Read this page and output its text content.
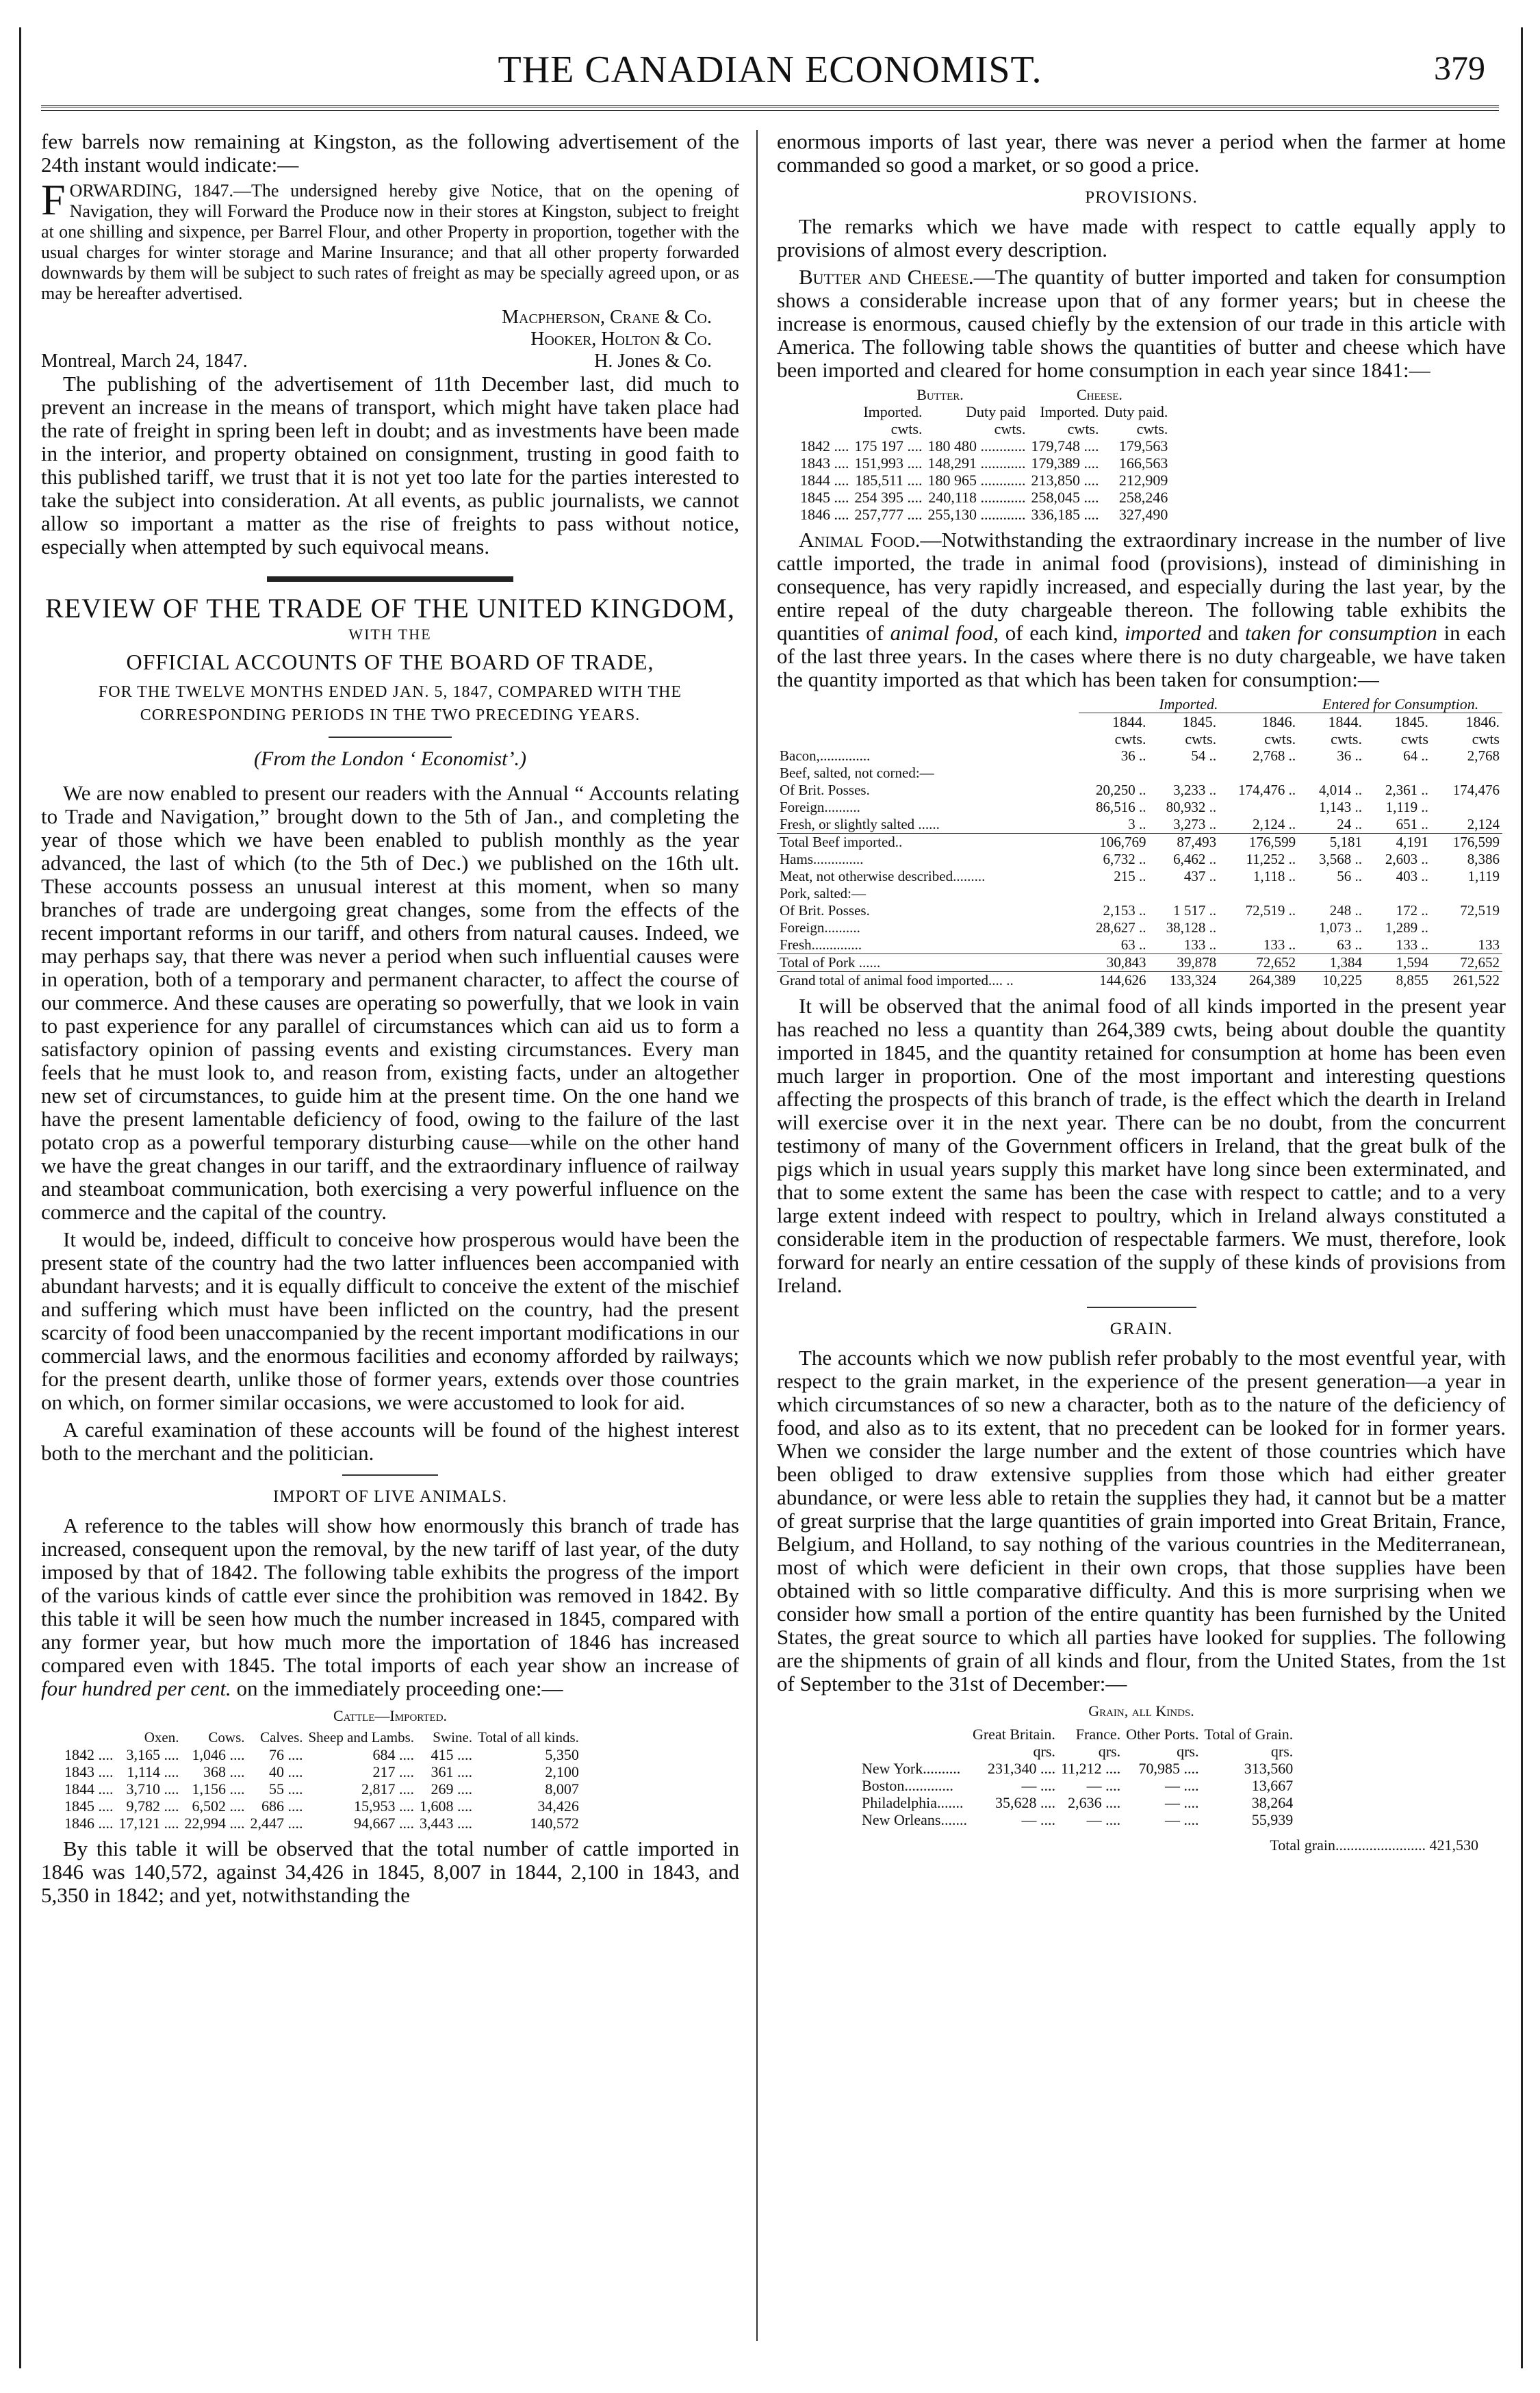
THE CANADIAN ECONOMIST.	379

few barrels now remaining at Kingston, as the following advertisement of the 24th instant would indicate:—

FORWARDING, 1847.—The undersigned hereby give Notice, that on the opening of Navigation, they will Forward the Produce now in their stores at Kingston, subject to freight at one shilling and sixpence, per Barrel Flour, and other Property in proportion, together with the usual charges for winter storage and Marine Insurance; and that all other property forwarded downwards by them will be subject to such rates of freight as may be specially agreed upon, or as may be hereafter advertised.
Macpherson, Crane & Co.
Hooker, Holton & Co.
Montreal, March 24, 1847.	H. Jones & Co.

The publishing of the advertisement of 11th December last, did much to prevent an increase in the means of transport, which might have taken place had the rate of freight in spring been left in doubt; and as investments have been made in the interior, and property obtained on consignment, trusting in good faith to this published tariff, we trust that it is not yet too late for the parties interested to take the subject into consideration. At all events, as public journalists, we cannot allow so important a matter as the rise of freights to pass without notice, especially when attempted by such equivocal means.

REVIEW OF THE TRADE OF THE UNITED KINGDOM,
WITH THE
OFFICIAL ACCOUNTS OF THE BOARD OF TRADE,
FOR THE TWELVE MONTHS ENDED JAN. 5, 1847, COMPARED WITH THE CORRESPONDING PERIODS IN THE TWO PRECEDING YEARS.
(From the London ‘ Economist’.)

We are now enabled to present our readers with the Annual “ Accounts relating to Trade and Navigation,” brought down to the 5th of Jan., and completing the year of those which we have been enabled to publish monthly as the year advanced, the last of which (to the 5th of Dec.) we published on the 16th ult. These accounts possess an unusual interest at this moment, when so many branches of trade are undergoing great changes, some from the effects of the recent important reforms in our tariff, and others from natural causes. Indeed, we may perhaps say, that there was never a period when such influential causes were in operation, both of a temporary and permanent character, to affect the course of our commerce. And these causes are operating so powerfully, that we look in vain to past experience for any parallel of circumstances which can aid us to form a satisfactory opinion of passing events and existing circumstances. Every man feels that he must look to, and reason from, existing facts, under an altogether new set of circumstances, to guide him at the present time. On the one hand we have the present lamentable deficiency of food, owing to the failure of the last potato crop as a powerful temporary disturbing cause—while on the other hand we have the great changes in our tariff, and the extraordinary influence of railway and steamboat communication, both exercising a very powerful influence on the commerce and the capital of the country.

It would be, indeed, difficult to conceive how prosperous would have been the present state of the country had the two latter influences been accompanied with abundant harvests; and it is equally difficult to conceive the extent of the mischief and suffering which must have been inflicted on the country, had the present scarcity of food been unaccompanied by the recent important modifications in our commercial laws, and the enormous facilities and economy afforded by railways; for the present dearth, unlike those of former years, extends over those countries on which, on former similar occasions, we were accustomed to look for aid.

A careful examination of these accounts will be found of the highest interest both to the merchant and the politician.

IMPORT OF LIVE ANIMALS.

A reference to the tables will show how enormously this branch of trade has increased, consequent upon the removal, by the new tariff of last year, of the duty imposed by that of 1842. The following table exhibits the progress of the import of the various kinds of cattle ever since the prohibition was removed in 1842. By this table it will be seen how much the number increased in 1845, compared with any former year, but how much more the importation of 1846 has increased compared even with 1845. The total imports of each year show an increase of four hundred per cent. on the immediately proceeding one:—

Cattle—Imported.
	Oxen.	Cows.	Calves.	Sheep and Lambs.	Swine.	Total of all kinds.
1842 ....	3,165 ....	1,046 ....	76 ....	684 ....	415 ....	5,350
1843 ....	1,114 ....	368 ....	40 ....	217 ....	361 ....	2,100
1844 ....	3,710 ....	1,156 ....	55 ....	2,817 ....	269 ....	8,007
1845 ....	9,782 ....	6,502 ....	686 ....	15,953 ....	1,608 ....	34,426
1846 ....	17,121 ....	22,994 ....	2,447 ....	94,667 ....	3,443 ....	140,572

By this table it will be observed that the total number of cattle imported in 1846 was 140,572, against 34,426 in 1845, 8,007 in 1844, 2,100 in 1843, and 5,350 in 1842; and yet, notwithstanding the

enormous imports of last year, there was never a period when the farmer at home commanded so good a market, or so good a price.

PROVISIONS.

The remarks which we have made with respect to cattle equally apply to provisions of almost every description.

Butter and Cheese.—The quantity of butter imported and taken for consumption shows a considerable increase upon that of any former years; but in cheese the increase is enormous, caused chiefly by the extension of our trade in this article with America. The following table shows the quantities of butter and cheese which have been imported and cleared for home consumption in each year since 1841:—

	Butter.		Cheese.	
	Imported.	Duty paid	Imported.	Duty paid.
	cwts.	cwts.	cwts.	cwts.
1842 ....	175 197 ....	180 480 ............	179,748 ....	179,563
1843 ....	151,993 ....	148,291 ............	179,389 ....	166,563
1844 ....	185,511 ....	180 965 ............	213,850 ....	212,909
1845 ....	254 395 ....	240,118 ............	258,045 ....	258,246
1846 ....	257,777 ....	255,130 ............	336,185 ....	327,490

Animal Food.—Notwithstanding the extraordinary increase in the number of live cattle imported, the trade in animal food (provisions), instead of diminishing in consequence, has very rapidly increased, and especially during the last year, by the entire repeal of the duty chargeable thereon. The following table exhibits the quantities of animal food, of each kind, imported and taken for consumption in each of the last three years. In the cases where there is no duty chargeable, we have taken the quantity imported as that which has been taken for consumption:—

	Imported.			Entered for Consumption.		
	1844.	1845.	1846.	1844.	1845.	1846.
	cwts.	cwts.	cwts.	cwts.	cwts	cwts
Bacon,..............	36 ..	54 ..	2,768 ..	36 ..	64 ..	2,768
Beef, salted, not corned:—						
Of Brit. Posses.	20,250 ..	3,233 ..	174,476 ..	4,014 ..	2,361 ..	174,476
Foreign..........	86,516 ..	80,932 ..		1,143 ..	1,119 ..	
Fresh, or slightly salted ......	3 ..	3,273 ..	2,124 ..	24 ..	651 ..	2,124
Total Beef imported..	106,769	87,493	176,599	5,181	4,191	176,599
Hams..............	6,732 ..	6,462 ..	11,252 ..	3,568 ..	2,603 ..	8,386
Meat, not otherwise described.........	215 ..	437 ..	1,118 ..	56 ..	403 ..	1,119
Pork, salted:—						
Of Brit. Posses.	2,153 ..	1 517 ..	72,519 ..	248 ..	172 ..	72,519
Foreign..........	28,627 ..	38,128 ..		1,073 ..	1,289 ..	
Fresh..............	63 ..	133 ..	133 ..	63 ..	133 ..	133
Total of Pork ......	30,843	39,878	72,652	1,384	1,594	72,652
Grand total of animal food imported.... ..	144,626	133,324	264,389	10,225	8,855	261,522

It will be observed that the animal food of all kinds imported in the present year has reached no less a quantity than 264,389 cwts, being about double the quantity imported in 1845, and the quantity retained for consumption at home has been even much larger in proportion. One of the most important and interesting questions affecting the prospects of this branch of trade, is the effect which the dearth in Ireland will exercise over it in the next year. There can be no doubt, from the concurrent testimony of many of the Government officers in Ireland, that the great bulk of the pigs which in usual years supply this market have long since been exterminated, and that to some extent the same has been the case with respect to cattle; and to a very large extent indeed with respect to poultry, which in Ireland always constituted a considerable item in the production of respectable farmers. We must, therefore, look forward for nearly an entire cessation of the supply of these kinds of provisions from Ireland.

GRAIN.

The accounts which we now publish refer probably to the most eventful year, with respect to the grain market, in the experience of the present generation—a year in which circumstances of so new a character, both as to the nature of the deficiency of food, and also as to its extent, that no precedent can be looked for in former years. When we consider the large number and the extent of those countries which have been obliged to draw extensive supplies from those which had either greater abundance, or were less able to retain the supplies they had, it cannot but be a matter of great surprise that the large quantities of grain imported into Great Britain, France, Belgium, and Holland, to say nothing of the various countries in the Mediterranean, most of which were deficient in their own crops, that those supplies have been obtained with so little comparative difficulty. And this is more surprising when we consider how small a portion of the entire quantity has been furnished by the United States, the great source to which all parties have looked for supplies. The following are the shipments of grain of all kinds and flour, from the United States, from the 1st of September to the 31st of December:—

Grain, all Kinds.
	Great Britain.	France.	Other Ports.	Total of Grain.
	qrs.	qrs.	qrs.	qrs.
New York..........	231,340 ....	11,212 ....	70,985 ....	313,560
Boston.............	— ....	— ....	— ....	13,667
Philadelphia.......	35,628 ....	2,636 ....	— ....	38,264
New Orleans.......	— ....	— ....	— ....	55,939
Total grain........................ 421,530
